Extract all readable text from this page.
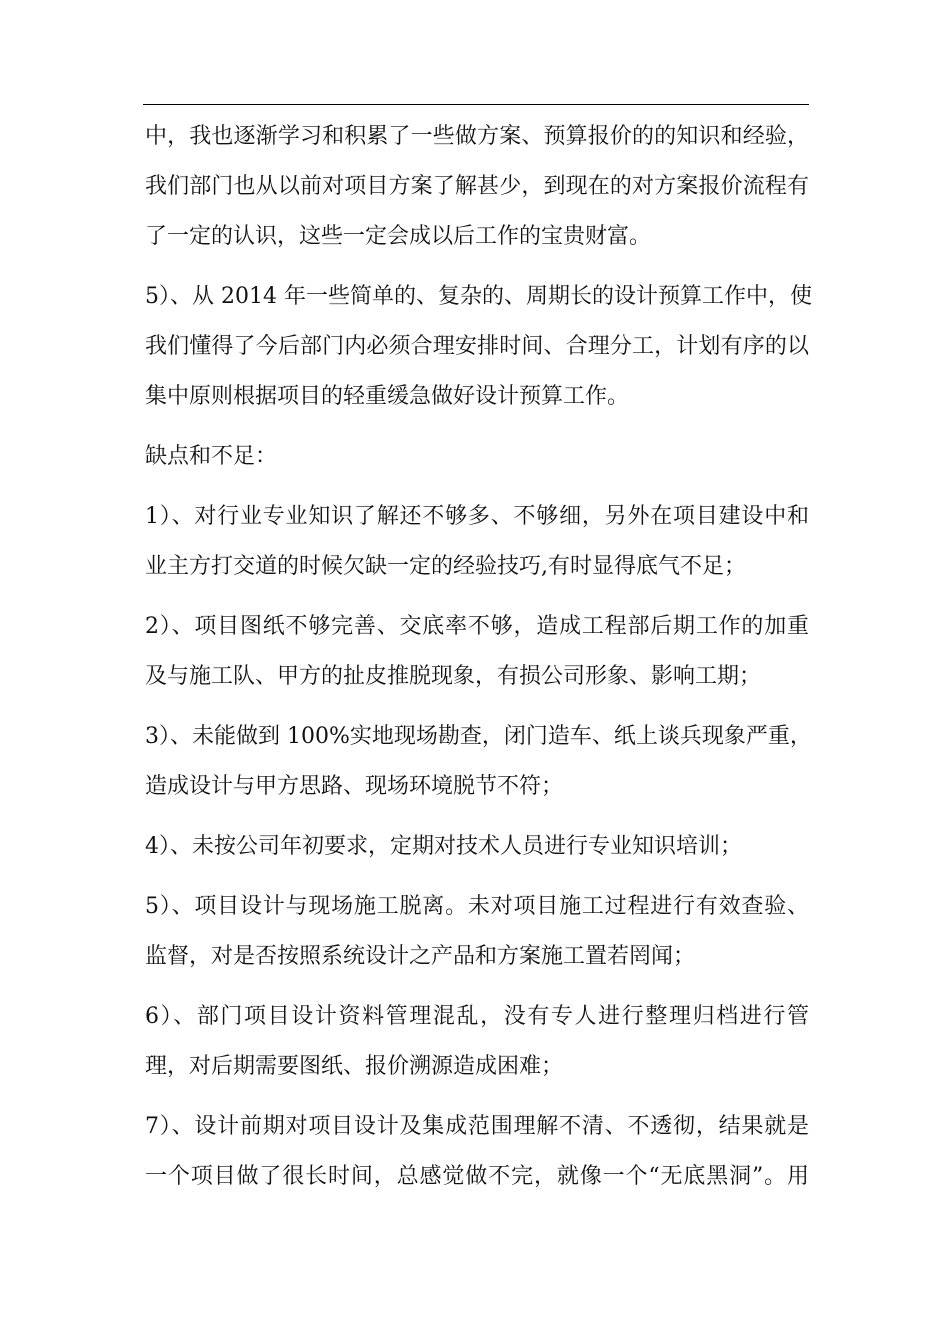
中，我也逐渐学习和积累了一些做方案、预算报价的的知识和经验，
我们部门也从以前对项目方案了解甚少，到现在的对方案报价流程有
了一定的认识，这些一定会成以后工作的宝贵财富。
5）、从 2014 年一些简单的、复杂的、周期长的设计预算工作中，使
我们懂得了今后部门内必须合理安排时间、合理分工，计划有序的以
集中原则根据项目的轻重缓急做好设计预算工作。
缺点和不足：
1）、对行业专业知识了解还不够多、不够细，另外在项目建设中和
业主方打交道的时候欠缺一定的经验技巧,有时显得底气不足；
2）、项目图纸不够完善、交底率不够，造成工程部后期工作的加重
及与施工队、甲方的扯皮推脱现象，有损公司形象、影响工期；
3）、未能做到 100%实地现场勘查，闭门造车、纸上谈兵现象严重，
造成设计与甲方思路、现场环境脱节不符；
4）、未按公司年初要求，定期对技术人员进行专业知识培训；
5）、项目设计与现场施工脱离。未对项目施工过程进行有效查验、
监督，对是否按照系统设计之产品和方案施工置若罔闻；
6）、部门项目设计资料管理混乱，没有专人进行整理归档进行管
理，对后期需要图纸、报价溯源造成困难；
7）、设计前期对项目设计及集成范围理解不清、不透彻，结果就是
一个项目做了很长时间，总感觉做不完，就像一个“无底黑洞”。用
